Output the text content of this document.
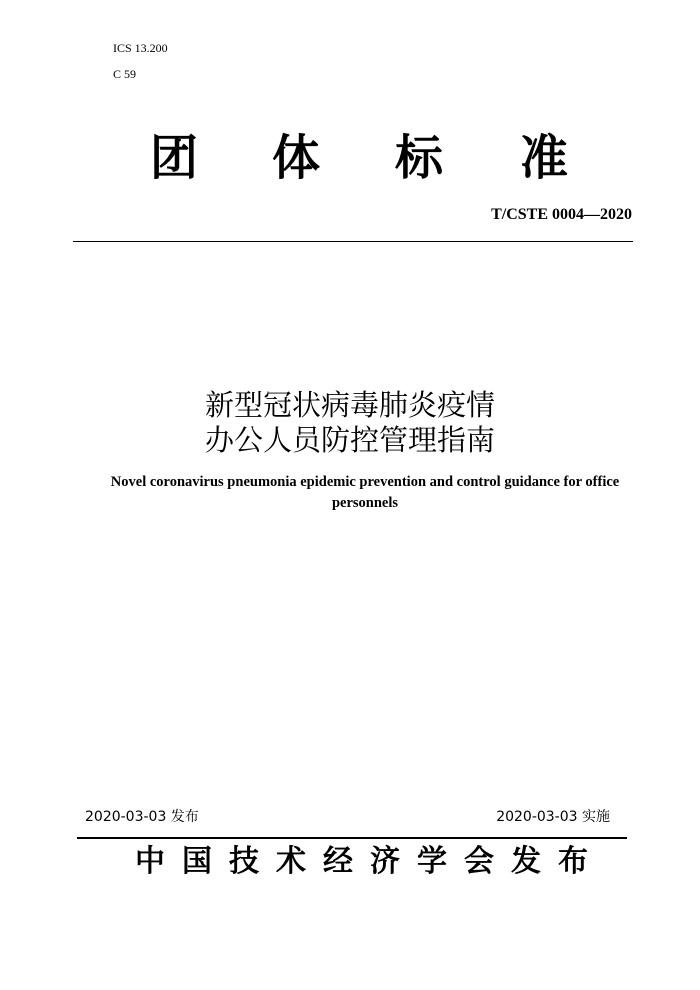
ICS 13.200
C 59
团 体 标 准
T/CSTE 0004—2020
新型冠状病毒肺炎疫情
办公人员防控管理指南
Novel coronavirus pneumonia epidemic prevention and control guidance for office personnels
2020-03-03 发布	2020-03-03 实施
中 国 技 术 经 济 学 会 发 布
